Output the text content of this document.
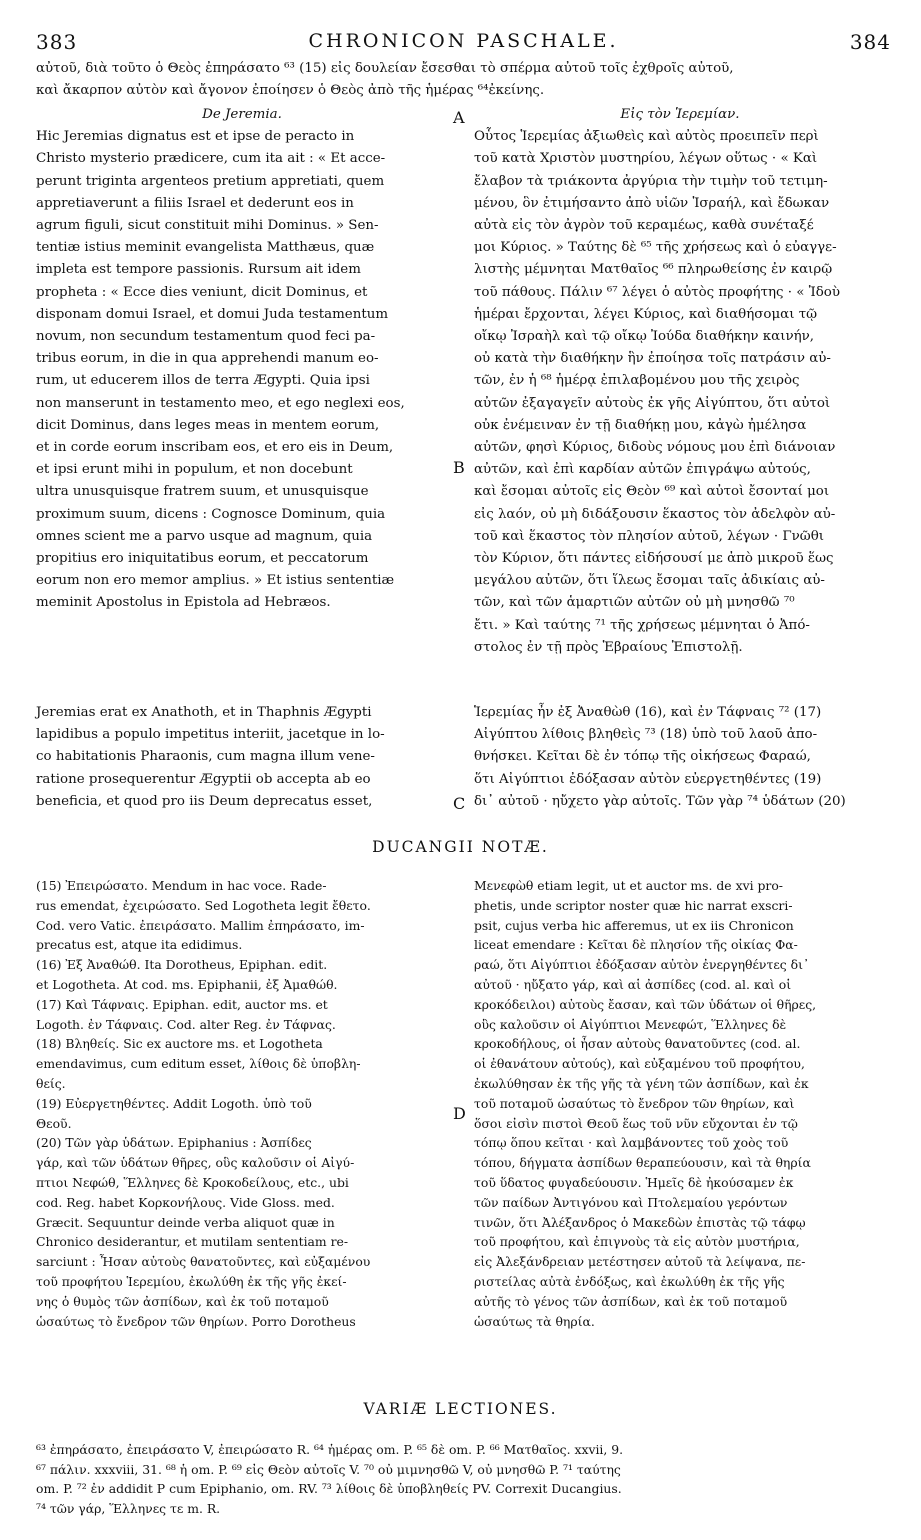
383	CHRONICON PASCHALE.	384

αὐτοῦ, διὰ τοῦτο ὁ Θεὸς ἐπηράσατο ⁶³ (15) εἰς δουλείαν ἔσεσθαι τὸ σπέρμα αὐτοῦ τοῖς ἐχθροῖς αὐτοῦ,

καὶ ἄκαρπον αὐτὸν καὶ ἄγονον ἐποίησεν ὁ Θεὸς ἀπὸ τῆς ἡμέρας ⁶⁴ἐκείνης.

De Jeremia.

Hic Jeremias dignatus est et ipse de peracto in

Christo mysterio prædicere, cum ita ait : « Et acce-

perunt triginta argenteos pretium appretiati, quem

appretiaverunt a filiis Israel et dederunt eos in

agrum figuli, sicut constituit mihi Dominus. » Sen-

tentiæ istius meminit evangelista Matthæus, quæ

impleta est tempore passionis. Rursum ait idem

propheta : « Ecce dies veniunt, dicit Dominus, et

disponam domui Israel, et domui Juda testamentum

novum, non secundum testamentum quod feci pa-

tribus eorum, in die in qua apprehendi manum eo-

rum, ut educerem illos de terra Ægypti. Quia ipsi

non manserunt in testamento meo, et ego neglexi eos,

dicit Dominus, dans leges meas in mentem eorum,

et in corde eorum inscribam eos, et ero eis in Deum,

et ipsi erunt mihi in populum, et non docebunt

ultra unusquisque fratrem suum, et unusquisque

proximum suum, dicens : Cognosce Dominum, quia

omnes scient me a parvo usque ad magnum, quia

propitius ero iniquitatibus eorum, et peccatorum

eorum non ero memor amplius. » Et istius sententiæ

meminit Apostolus in Epistola ad Hebræos.

Jeremias erat ex Anathoth, et in Thaphnis Ægypti

lapidibus a populo impetitus interiit, jacetque in lo-

co habitationis Pharaonis, cum magna illum vene-

ratione prosequerentur Ægyptii ob accepta ab eo

beneficia, et quod pro iis Deum deprecatus esset,

Εἰς τὸν Ἱερεμίαν.

Οὗτος Ἱερεμίας ἀξιωθεὶς καὶ αὐτὸς προειπεῖν περὶ

τοῦ κατὰ Χριστὸν μυστηρίου, λέγων οὕτως · « Καὶ

ἔλαβον τὰ τριάκοντα ἀργύρια τὴν τιμὴν τοῦ τετιμη-

μένου, ὃν ἐτιμήσαντο ἀπὸ υἱῶν Ἰσραήλ, καὶ ἔδωκαν

αὐτὰ εἰς τὸν ἀγρὸν τοῦ κεραμέως, καθὰ συνέταξέ

μοι Κύριος. » Ταύτης δὲ ⁶⁵ τῆς χρήσεως καὶ ὁ εὐαγγε-

λιστὴς μέμνηται Ματθαῖος ⁶⁶ πληρωθείσης ἐν καιρῷ

τοῦ πάθους. Πάλιν ⁶⁷ λέγει ὁ αὐτὸς προφήτης · « Ἰδοὺ

ἡμέραι ἔρχονται, λέγει Κύριος, καὶ διαθήσομαι τῷ

οἴκῳ Ἰσραὴλ καὶ τῷ οἴκῳ Ἰούδα διαθήκην καινήν,

οὐ κατὰ τὴν διαθήκην ἣν ἐποίησα τοῖς πατράσιν αὐ-

τῶν, ἐν ἡ ⁶⁸ ἡμέρᾳ ἐπιλαβομένου μου τῆς χειρὸς

αὐτῶν ἐξαγαγεῖν αὐτοὺς ἐκ γῆς Αἰγύπτου, ὅτι αὐτοὶ

οὐκ ἐνέμειναν ἐν τῇ διαθήκῃ μου, κἀγὼ ἠμέλησα

αὐτῶν, φησὶ Κύριος, διδοὺς νόμους μου ἐπὶ διάνοιαν

αὐτῶν, καὶ ἐπὶ καρδίαν αὐτῶν ἐπιγράψω αὐτούς,

καὶ ἔσομαι αὐτοῖς εἰς Θεὸν ⁶⁹ καὶ αὐτοὶ ἔσονταί μοι

εἰς λαόν, οὐ μὴ διδάξουσιν ἕκαστος τὸν ἀδελφὸν αὐ-

τοῦ καὶ ἕκαστος τὸν πλησίον αὐτοῦ, λέγων · Γνῶθι

τὸν Κύριον, ὅτι πάντες εἰδήσουσί με ἀπὸ μικροῦ ἕως

μεγάλου αὐτῶν, ὅτι ἵλεως ἔσομαι ταῖς ἀδικίαις αὐ-

τῶν, καὶ τῶν ἁμαρτιῶν αὐτῶν οὐ μὴ μνησθῶ ⁷⁰

ἔτι. » Καὶ ταύτης ⁷¹ τῆς χρήσεως μέμνηται ὁ Ἀπό-

στολος ἐν τῇ πρὸς Ἑβραίους Ἐπιστολῇ.

Ἱερεμίας ἦν ἐξ Ἀναθὼθ (16), καὶ ἐν Τάφναις ⁷² (17)

Αἰγύπτου λίθοις βληθεὶς ⁷³ (18) ὑπὸ τοῦ λαοῦ ἀπο-

θνήσκει. Κεῖται δὲ ἐν τόπῳ τῆς οἰκήσεως Φαραώ,

ὅτι Αἰγύπτιοι ἐδόξασαν αὐτὸν εὐεργετηθέντες (19)

δι᾽ αὐτοῦ · ηὔχετο γὰρ αὐτοῖς. Τῶν γὰρ ⁷⁴ ὑδάτων (20)

A
B
C
D
DUCANGII NOTÆ.

(15) Ἐπειρώσατο. Mendum in hac voce. Rade-

rus emendat, ἐχειρώσατο. Sed Logotheta legit ἔθετο.

Cod. vero Vatic. ἐπειράσατο. Mallim ἐπηράσατο, im-

precatus est, atque ita edidimus.

(16) Ἐξ Ἀναθώθ. Ita Dorotheus, Epiphan. edit.

et Logotheta. At cod. ms. Epiphanii, ἐξ Ἀμαθώθ.

(17) Καὶ Τάφναις. Epiphan. edit, auctor ms. et

Logoth. ἐν Τάφναις. Cod. alter Reg. ἐν Τάφνας.

(18) Βληθείς. Sic ex auctore ms. et Logotheta

emendavimus, cum editum esset, λίθοις δὲ ὑποβλη-

θείς.

(19) Εὐεργετηθέντες. Addit Logoth. ὑπὸ τοῦ

Θεοῦ.

(20) Τῶν γὰρ ὑδάτων. Epiphanius : Ἀσπίδες

γάρ, καὶ τῶν ὑδάτων θῆρες, οὓς καλοῦσιν οἱ Αἰγύ-

πτιοι Νεφώθ, Ἕλληνες δὲ Κροκοδείλους, etc., ubi

cod. Reg. habet Κορκονήλους. Vide Gloss. med.

Græcit. Sequuntur deinde verba aliquot quæ in

Chronico desiderantur, et mutilam sententiam re-

sarciunt : Ἦσαν αὐτοὺς θανατοῦντες, καὶ εὐξαμένου

τοῦ προφήτου Ἱερεμίου, ἐκωλύθη ἐκ τῆς γῆς ἐκεί-

νης ὁ θυμὸς τῶν ἀσπίδων, καὶ ἐκ τοῦ ποταμοῦ

ὡσαύτως τὸ ἔνεδρον τῶν θηρίων. Porro Dorotheus

Μενεφὼθ etiam legit, ut et auctor ms. de xvi pro-

phetis, unde scriptor noster quæ hic narrat exscri-

psit, cujus verba hic afferemus, ut ex iis Chronicon

liceat emendare : Κεῖται δὲ πλησίον τῆς οἰκίας Φα-

ραώ, ὅτι Αἰγύπτιοι ἐδόξασαν αὐτὸν ἐνεργηθέντες δι᾽

αὐτοῦ · ηὔξατο γάρ, καὶ αἱ ἀσπίδες (cod. al. καὶ οἱ

κροκόδειλοι) αὐτοὺς ἔασαν, καὶ τῶν ὑδάτων οἱ θῆρες,

οὓς καλοῦσιν οἱ Αἰγύπτιοι Μενεφώτ, Ἕλληνες δὲ

κροκοδήλους, οἱ ἦσαν αὐτοὺς θανατοῦντες (cod. al.

οἱ ἐθανάτουν αὐτούς), καὶ εὐξαμένου τοῦ προφήτου,

ἐκωλύθησαν ἐκ τῆς γῆς τὰ γένη τῶν ἀσπίδων, καὶ ἐκ

τοῦ ποταμοῦ ὡσαύτως τὸ ἔνεδρον τῶν θηρίων, καὶ

ὅσοι εἰσὶν πιστοὶ Θεοῦ ἕως τοῦ νῦν εὔχονται ἐν τῷ

τόπῳ ὅπου κεῖται · καὶ λαμβάνοντες τοῦ χοὸς τοῦ

τόπου, δήγματα ἀσπίδων θεραπεύουσιν, καὶ τὰ θηρία

τοῦ ὕδατος φυγαδεύουσιν. Ἡμεῖς δὲ ἠκούσαμεν ἐκ

τῶν παίδων Ἀντιγόνου καὶ Πτολεμαίου γερόντων

τινῶν, ὅτι Ἀλέξανδρος ὁ Μακεδὼν ἐπιστὰς τῷ τάφῳ

τοῦ προφήτου, καὶ ἐπιγνοὺς τὰ εἰς αὐτὸν μυστήρια,

εἰς Ἀλεξάνδρειαν μετέστησεν αὐτοῦ τὰ λείψανα, πε-

ριστείλας αὐτὰ ἐνδόξως, καὶ ἐκωλύθη ἐκ τῆς γῆς

αὐτῆς τὸ γένος τῶν ἀσπίδων, καὶ ἐκ τοῦ ποταμοῦ

ὡσαύτως τὰ θηρία.

VARIÆ LECTIONES.

⁶³ ἐπηράσατο, ἐπειράσατο V, ἐπειρώσατο R. ⁶⁴ ἡμέρας om. P. ⁶⁵ δὲ om. P. ⁶⁶ Ματθαῖος. xxvii, 9.

⁶⁷ πάλιν. xxxviii, 31. ⁶⁸ ἡ om. P. ⁶⁹ εἰς Θεὸν αὐτοῖς V. ⁷⁰ οὐ μιμνησθῶ V, οὐ μνησθῶ P. ⁷¹ ταύτης

om. P. ⁷² ἐν addidit P cum Epiphanio, om. RV. ⁷³ λίθοις δὲ ὑποβληθείς PV. Correxit Ducangius.

⁷⁴ τῶν γάρ, Ἕλληνες τε m. R.
